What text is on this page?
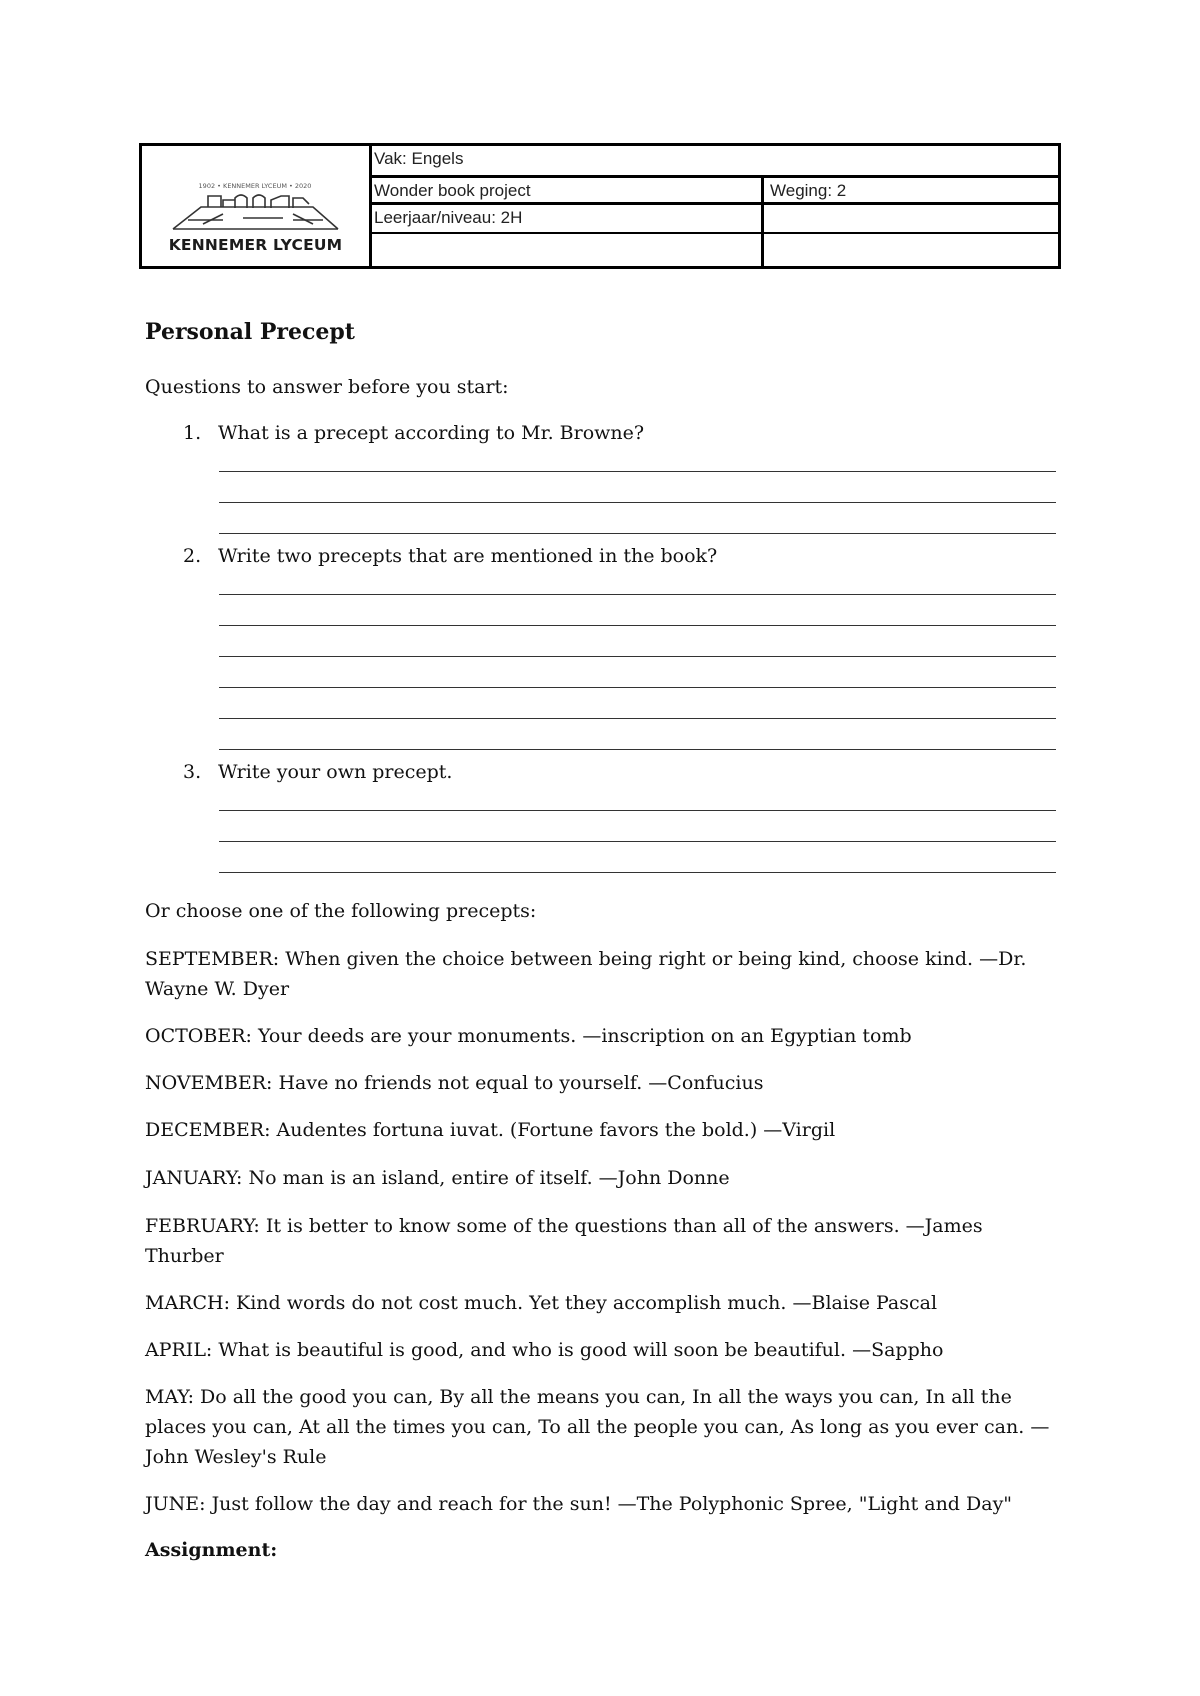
1902 • KENNEMER LYCEUM • 2020
KENNEMER LYCEUM
Vak: Engels
Wonder book project	Weging: 2
Leerjaar/niveau: 2H
Personal Precept

Questions to answer before you start:

1. What is a precept according to Mr. Browne?
2. Write two precepts that are mentioned in the book?
3. Write your own precept.

Or choose one of the following precepts:

SEPTEMBER: When given the choice between being right or being kind, choose kind. —Dr. Wayne W. Dyer

OCTOBER: Your deeds are your monuments. —inscription on an Egyptian tomb

NOVEMBER: Have no friends not equal to yourself. —Confucius

DECEMBER: Audentes fortuna iuvat. (Fortune favors the bold.) —Virgil

JANUARY: No man is an island, entire of itself. —John Donne

FEBRUARY: It is better to know some of the questions than all of the answers. —James Thurber

MARCH: Kind words do not cost much. Yet they accomplish much. —Blaise Pascal

APRIL: What is beautiful is good, and who is good will soon be beautiful. —Sappho

MAY: Do all the good you can, By all the means you can, In all the ways you can, In all the places you can, At all the times you can, To all the people you can, As long as you ever can. —John Wesley's Rule

JUNE: Just follow the day and reach for the sun! —The Polyphonic Spree, "Light and Day"

Assignment:
